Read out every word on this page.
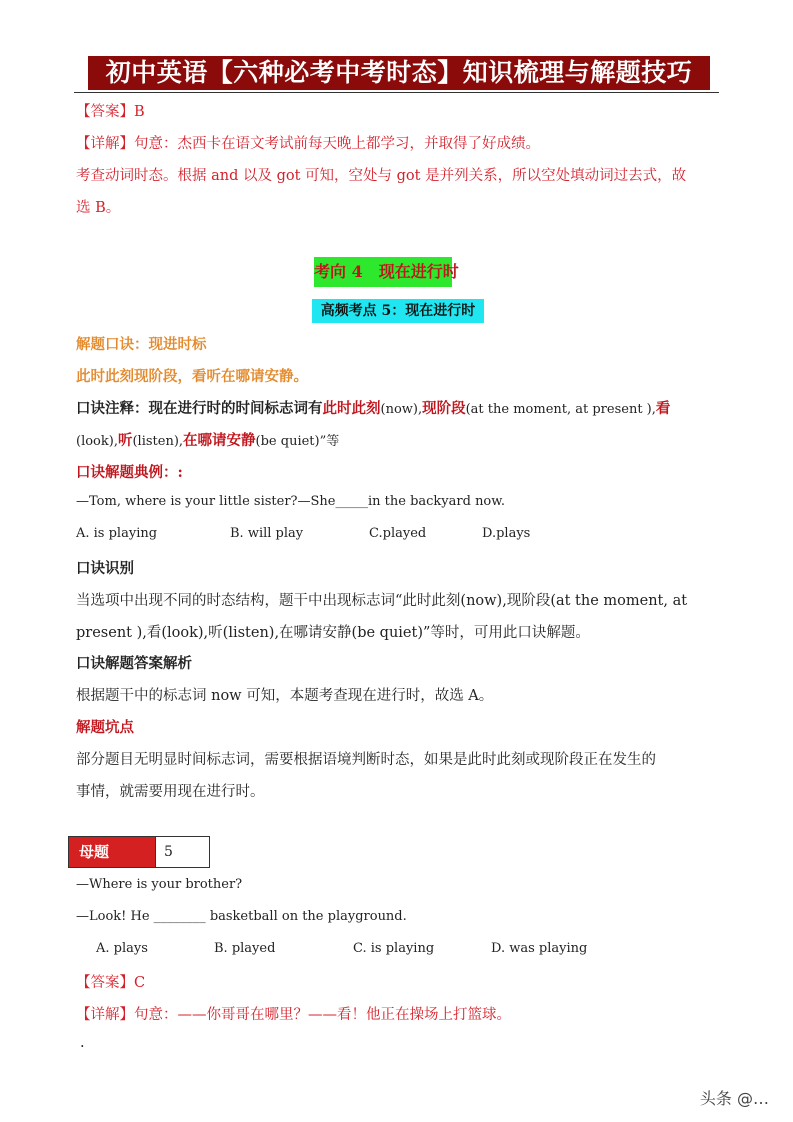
初中英语【六种必考中考时态】知识梳理与解题技巧
【答案】B
【详解】句意：杰西卡在语文考试前每天晚上都学习，并取得了好成绩。
考查动词时态。根据 and 以及 got 可知，空处与 got 是并列关系，所以空处填动词过去式，故
选 B。
考向 4　现在进行时
高频考点 5：现在进行时
解题口诀：现进时标
此时此刻现阶段，看听在哪请安静。
口诀注释：现在进行时的时间标志词有此时此刻(now),现阶段(at the moment, at present ),看
(look),听(listen),在哪请安静(be quiet)”等
口诀解题典例：:
—Tom, where is your little sister?—She_____in the backyard now.
A. is playing	B. will play	C.played	D.plays
口诀识别
当选项中出现不同的时态结构，题干中出现标志词“此时此刻(now),现阶段(at the moment, at
present ),看(look),听(listen),在哪请安静(be quiet)”等时，可用此口诀解题。
口诀解题答案解析
根据题干中的标志词 now 可知，本题考查现在进行时，故选 A。
解题坑点
部分题目无明显时间标志词，需要根据语境判断时态，如果是此时此刻或现阶段正在发生的
事情，就需要用现在进行时。
母题	5
—Where is your brother?
—Look! He ________ basketball on the playground.
A. plays	B. played	C. is playing	D. was playing
【答案】C
【详解】句意：——你哥哥在哪里？——看！他正在操场上打篮球。
.
头条 @…
